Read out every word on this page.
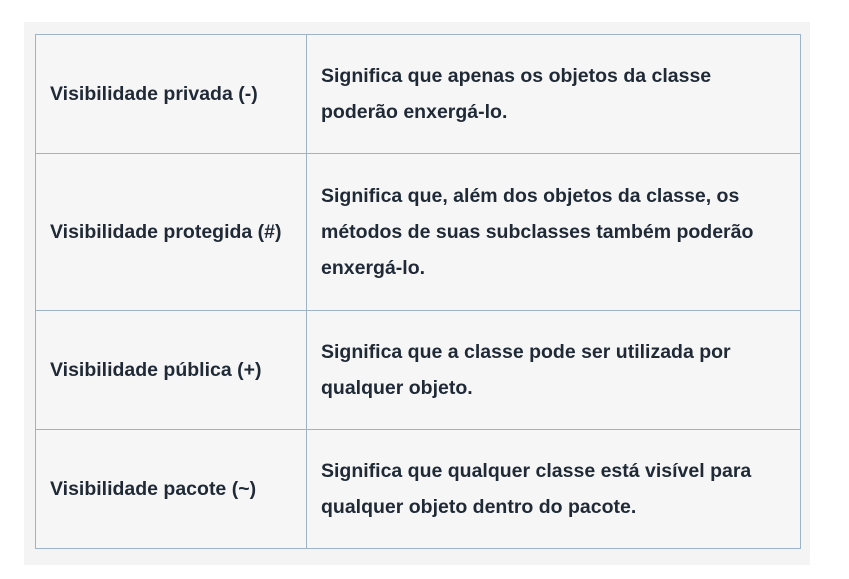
Visibilidade privada (-)	Significa que apenas os objetos da classe poderão enxergá-lo.
Visibilidade protegida (#)	Significa que, além dos objetos da classe, os métodos de suas subclasses também poderão enxergá-lo.
Visibilidade pública (+)	Significa que a classe pode ser utilizada por qualquer objeto.
Visibilidade pacote (~)	Significa que qualquer classe está visível para qualquer objeto dentro do pacote.
